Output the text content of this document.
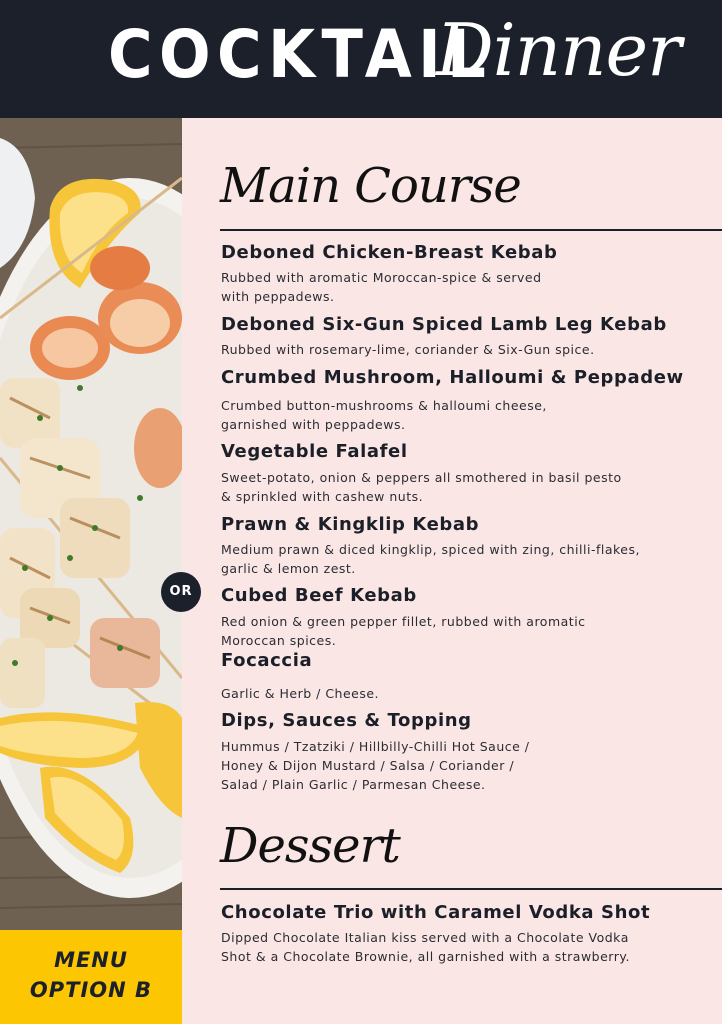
COCKTAIL
Dinner
MENU
OPTION B
OR
Main Course
Deboned Chicken-Breast Kebab
Rubbed with aromatic Moroccan-spice & served
with peppadews.
Deboned Six-Gun Spiced Lamb Leg Kebab
Rubbed with rosemary-lime, coriander & Six-Gun spice.
Crumbed Mushroom, Halloumi & Peppadew
Crumbed button-mushrooms & halloumi cheese,
garnished with peppadews.
Vegetable Falafel
Sweet-potato, onion & peppers all smothered in basil pesto
& sprinkled with cashew nuts.
Prawn & Kingklip Kebab
Medium prawn & diced kingklip, spiced with zing, chilli-flakes,
garlic & lemon zest.
Cubed Beef Kebab
Red onion & green pepper fillet, rubbed with aromatic
Moroccan spices.
Focaccia
Garlic & Herb / Cheese.
Dips, Sauces & Topping
Hummus / Tzatziki / Hillbilly-Chilli Hot Sauce /
Honey & Dijon Mustard / Salsa / Coriander /
Salad / Plain Garlic / Parmesan Cheese.
Dessert
Chocolate Trio with Caramel Vodka Shot
Dipped Chocolate Italian kiss served with a Chocolate Vodka
Shot & a Chocolate Brownie, all garnished with a strawberry.
